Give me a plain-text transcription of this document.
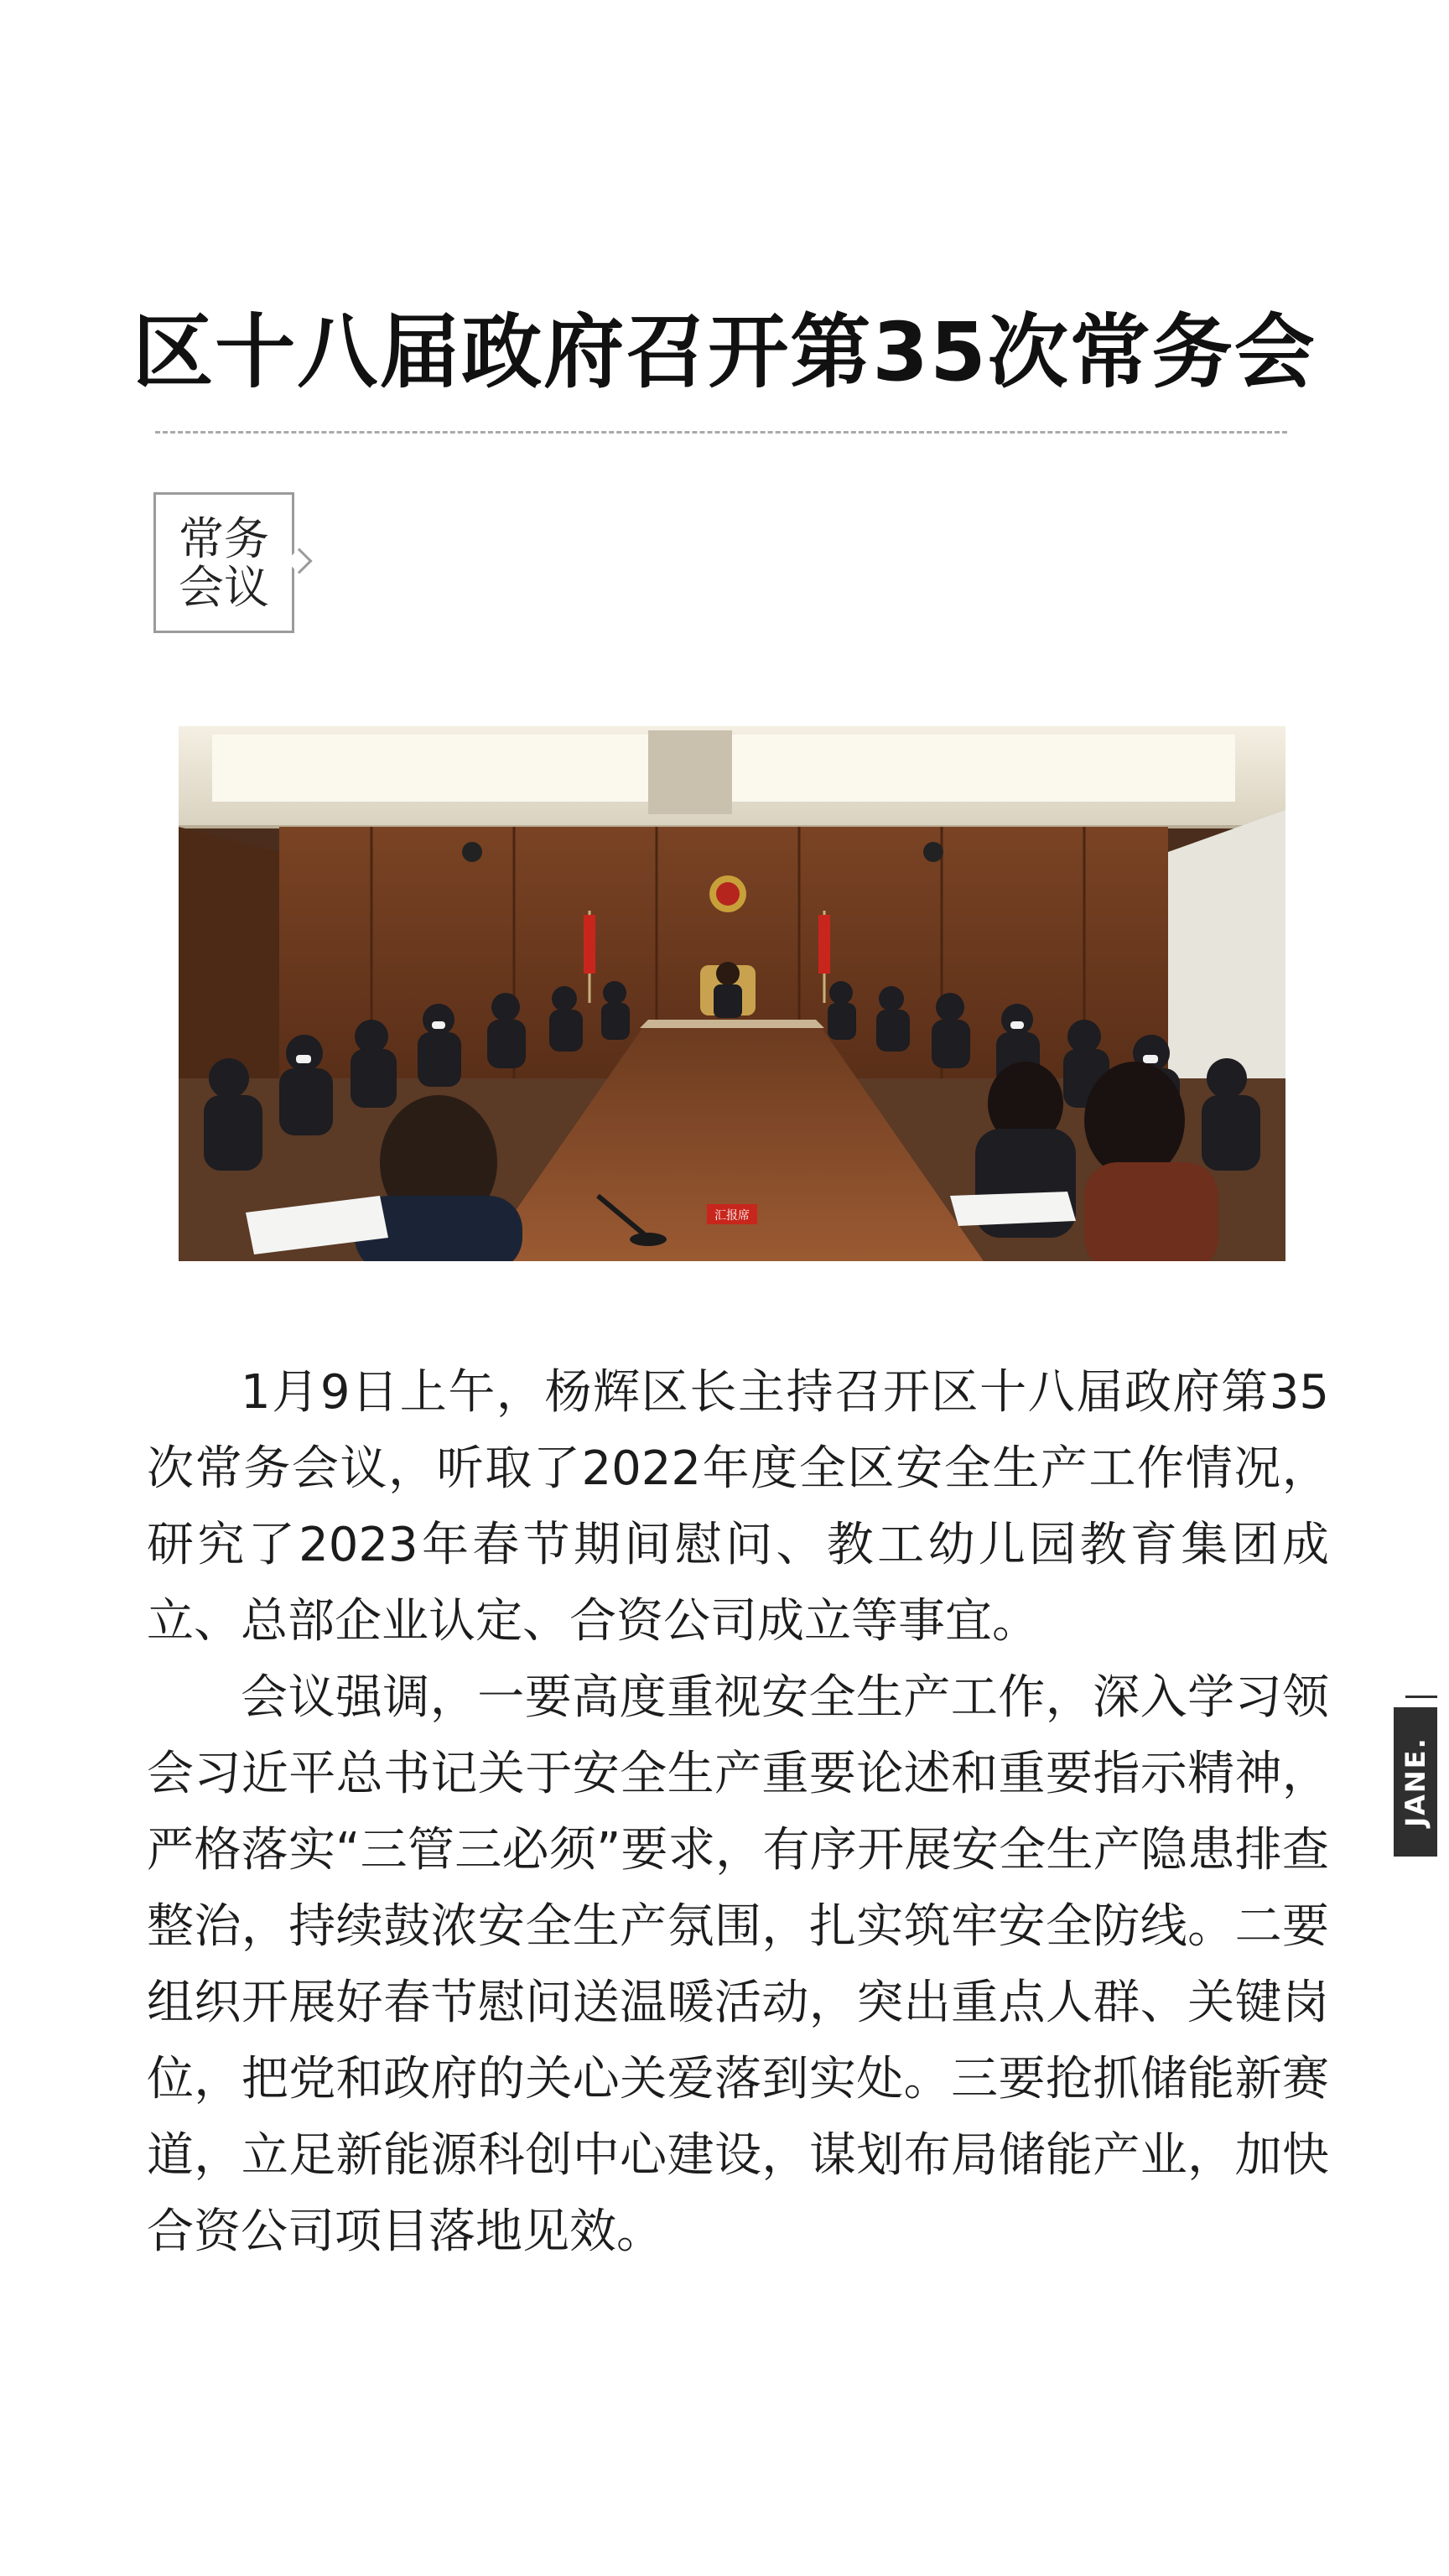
区十八届政府召开第35次常务会
常务
会议
汇报席

1月9日上午，杨辉区长主持召开区十八届政府第35次常务会议，听取了2022年度全区安全生产工作情况，研究了2023年春节期间慰问、教工幼儿园教育集团成立、总部企业认定、合资公司成立等事宜。

会议强调，一要高度重视安全生产工作，深入学习领会习近平总书记关于安全生产重要论述和重要指示精神，严格落实“三管三必须”要求，有序开展安全生产隐患排查整治，持续鼓浓安全生产氛围，扎实筑牢安全防线。二要组织开展好春节慰问送温暖活动，突出重点人群、关键岗位，把党和政府的关心关爱落到实处。三要抢抓储能新赛道，立足新能源科创中心建设，谋划布局储能产业，加快合资公司项目落地见效。

JANE.
